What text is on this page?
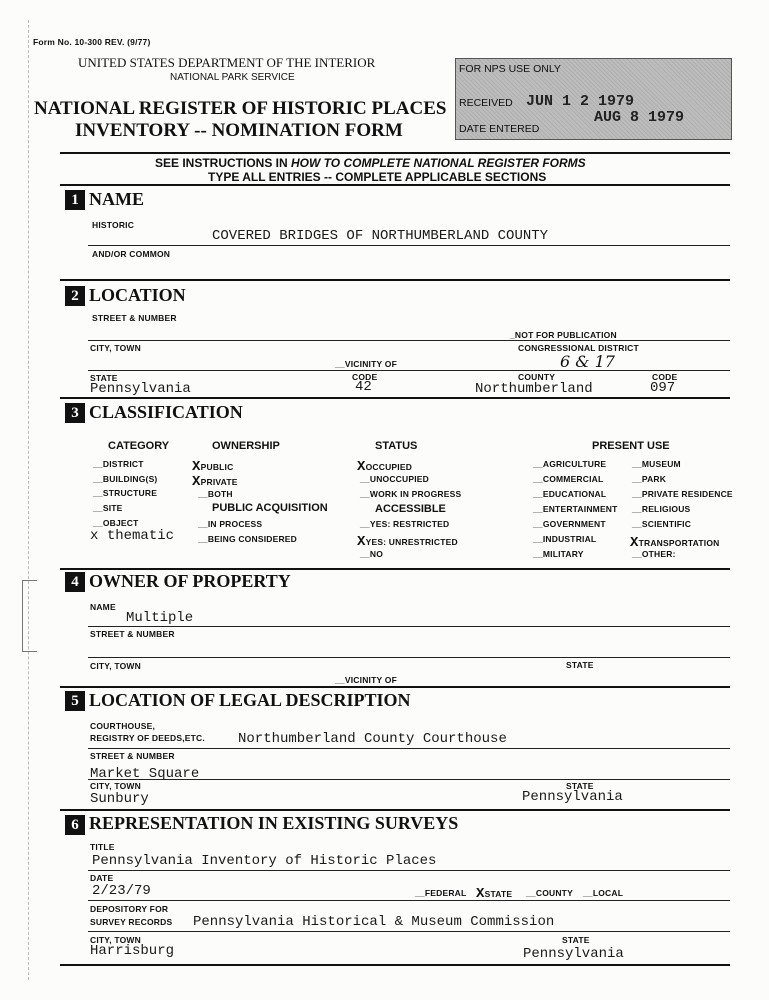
Form No. 10-300 REV. (9/77)
UNITED STATES DEPARTMENT OF THE INTERIOR
NATIONAL PARK SERVICE
NATIONAL REGISTER OF HISTORIC PLACES
INVENTORY -- NOMINATION FORM
FOR NPS USE ONLY
RECEIVED JUN 1 2 1979
AUG 8 1979
DATE ENTERED
SEE INSTRUCTIONS IN HOW TO COMPLETE NATIONAL REGISTER FORMS
TYPE ALL ENTRIES -- COMPLETE APPLICABLE SECTIONS
1 NAME
HISTORIC
COVERED BRIDGES OF NORTHUMBERLAND COUNTY
AND/OR COMMON
2 LOCATION
STREET & NUMBER
_NOT FOR PUBLICATION
CITY, TOWN	CONGRESSIONAL DISTRICT
6 & 17
__VICINITY OF
STATE
Pennsylvania
CODE
42
COUNTY
Northumberland
CODE
097
3 CLASSIFICATION
CATEGORY	OWNERSHIP	STATUS	PRESENT USE
__DISTRICT
__BUILDING(S)
__STRUCTURE
__SITE
__OBJECT
x thematic
XPUBLIC
XPRIVATE
__BOTH
PUBLIC ACQUISITION
__IN PROCESS
__BEING CONSIDERED
XOCCUPIED
__UNOCCUPIED
__WORK IN PROGRESS
ACCESSIBLE
__YES: RESTRICTED
XYES: UNRESTRICTED
__NO
__AGRICULTURE
__COMMERCIAL
__EDUCATIONAL
__ENTERTAINMENT
__GOVERNMENT
__INDUSTRIAL
__MILITARY
__MUSEUM
__PARK
__PRIVATE RESIDENCE
__RELIGIOUS
__SCIENTIFIC
XTRANSPORTATION
__OTHER:
4 OWNER OF PROPERTY
NAME
Multiple
STREET & NUMBER
CITY, TOWN	STATE
__VICINITY OF
5 LOCATION OF LEGAL DESCRIPTION
COURTHOUSE,
REGISTRY OF DEEDS,ETC. Northumberland County Courthouse
STREET & NUMBER
Market Square
CITY, TOWN
Sunbury
STATE
Pennsylvania
6 REPRESENTATION IN EXISTING SURVEYS
TITLE
Pennsylvania Inventory of Historic Places
DATE
2/23/79	__FEDERAL XSTATE __COUNTY __LOCAL
DEPOSITORY FOR
SURVEY RECORDS Pennsylvania Historical & Museum Commission
CITY, TOWN
Harrisburg
STATE
Pennsylvania
